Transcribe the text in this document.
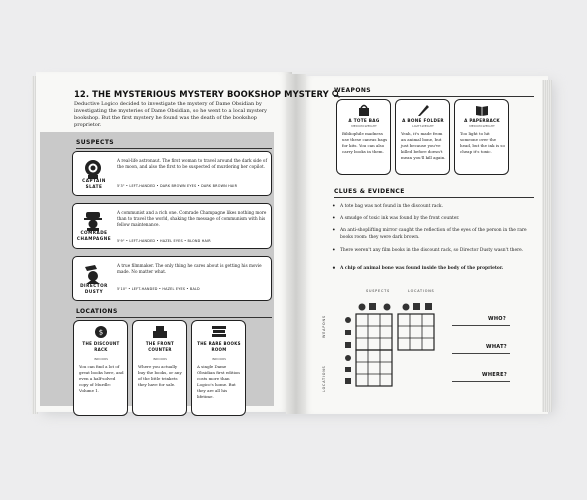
12. THE MYSTERIOUS MYSTERY BOOKSHOP MYSTERY
Deductive Logico decided to investigate the mystery of Dame Obsidian by investigating the mysteries of Dame Obsidian, so he went to a local mystery bookshop. But the first mystery he found was the death of the bookshop proprietor.
SUSPECTS
CAPTAIN SLATE
A real-life astronaut. The first woman to travel around the dark side of the moon, and also the first to be suspected of murdering her copilot.
5'3" • LEFT-HANDED • DARK BROWN EYES • DARK BROWN HAIR
COMRADE CHAMPAGNE
A communist and a rich one. Comrade Champagne likes nothing more than to travel the world, shaking the message of communism with his fellow maintenance.
5'9" • LEFT-HANDED • HAZEL EYES • BLOND HAIR
DIRECTOR DUSTY
A true filmmaker. The only thing he cares about is getting his movie made. No matter what.
5'10" • LEFT-HANDED • HAZEL EYES • BALD
LOCATIONS
$
THE DISCOUNT RACK
INDOORS
You can find a lot of great books here, and even a half-solved copy of Murdle: Volume 1.
THE FRONT COUNTER
INDOORS
Where you actually buy the books, or any of the little trinkets they have for sale.
THE RARE BOOKS ROOM
INDOORS
A single Dame Obsidian first edition costs more than Logico's home. But they are all his lifetime.
WEAPONS
A TOTE BAG
MEDIUM-WEIGHT
Bibliophile madness use these canvas bags for kits. You can also carry books in them.
A BONE FOLDER
LIGHT-WEIGHT
Yeah, it's made from an animal bone, but just because you've killed before doesn't mean you'll kill again.
A PAPERBACK
MEDIUM-WEIGHT
Too light to hit someone over the head, but the ink is so cheap it's toxic.
CLUES & EVIDENCE
• A tote bag was not found in the discount rack.
• A smudge of toxic ink was found by the front counter.
• An anti-shoplifting mirror caught the reflection of the eyes of the person in the rare books room: they were dark brown.
• There weren't any film books in the discount rack, so Director Dusty wasn't there.
• A chip of animal bone was found inside the body of the proprietor.
SUSPECTS	LOCATIONS
WEAPONS
LOCATIONS
WHO?
WHAT?
WHERE?
